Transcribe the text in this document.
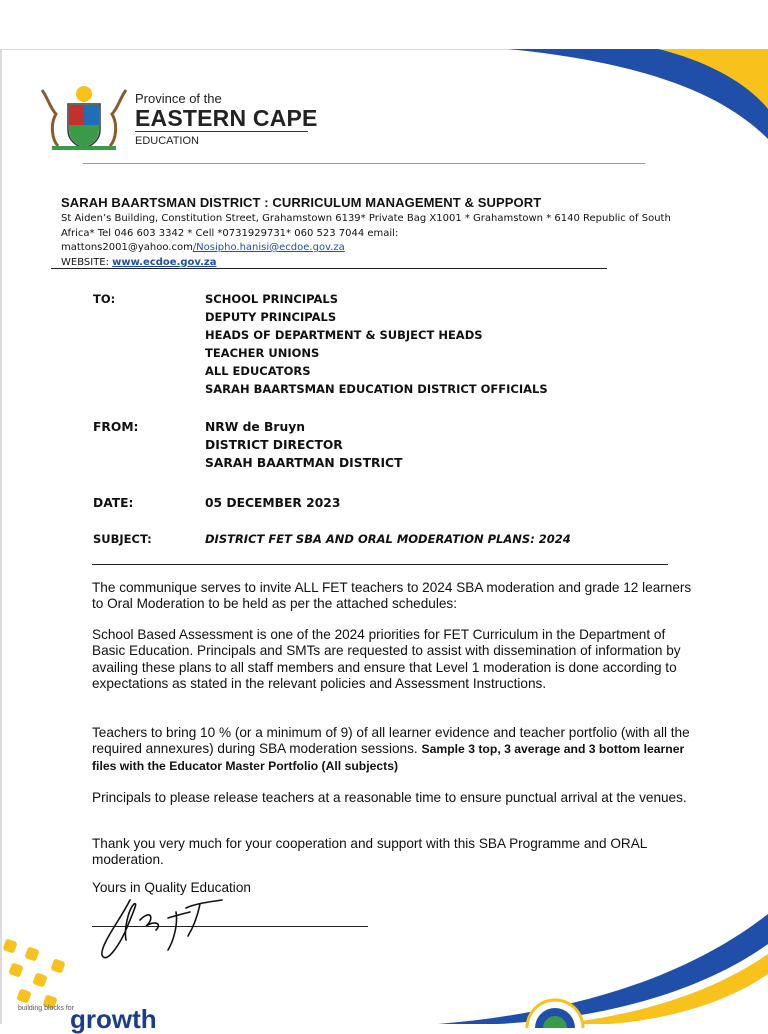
Province of the
EASTERN CAPE
EDUCATION
SARAH BAARTSMAN DISTRICT : CURRICULUM MANAGEMENT & SUPPORT
St Aiden’s Building, Constitution Street, Grahamstown 6139* Private Bag X1001 * Grahamstown * 6140 Republic of South
Africa* Tel 046 603 3342 * Cell *0731929731* 060 523 7044 email: mattons2001@yahoo.com/Nosipho.hanisi@ecdoe.gov.za
WEBSITE: www.ecdoe.gov.za
TO:	SCHOOL PRINCIPALS
DEPUTY PRINCIPALS
HEADS OF DEPARTMENT & SUBJECT HEADS
TEACHER UNIONS
ALL EDUCATORS
SARAH BAARTSMAN EDUCATION DISTRICT OFFICIALS
FROM:	NRW de Bruyn
DISTRICT DIRECTOR
SARAH BAARTMAN DISTRICT
DATE:	05 DECEMBER 2023
SUBJECT:	DISTRICT FET SBA AND ORAL MODERATION PLANS: 2024
The communique serves to invite ALL FET teachers to 2024 SBA moderation and grade 12 learners to Oral Moderation to be held as per the attached schedules:
School Based Assessment is one of the 2024 priorities for FET Curriculum in the Department of Basic Education. Principals and SMTs are requested to assist with dissemination of information by availing these plans to all staff members and ensure that Level 1 moderation is done according to expectations as stated in the relevant policies and Assessment Instructions.
Teachers to bring 10 % (or a minimum of 9) of all learner evidence and teacher portfolio (with all the required annexures) during SBA moderation sessions. Sample 3 top, 3 average and 3 bottom learner files with the Educator Master Portfolio (All subjects)
Principals to please release teachers at a reasonable time to ensure punctual arrival at the venues.
Thank you very much for your cooperation and support with this SBA Programme and ORAL moderation.
Yours in Quality Education
building blocks for
growth
